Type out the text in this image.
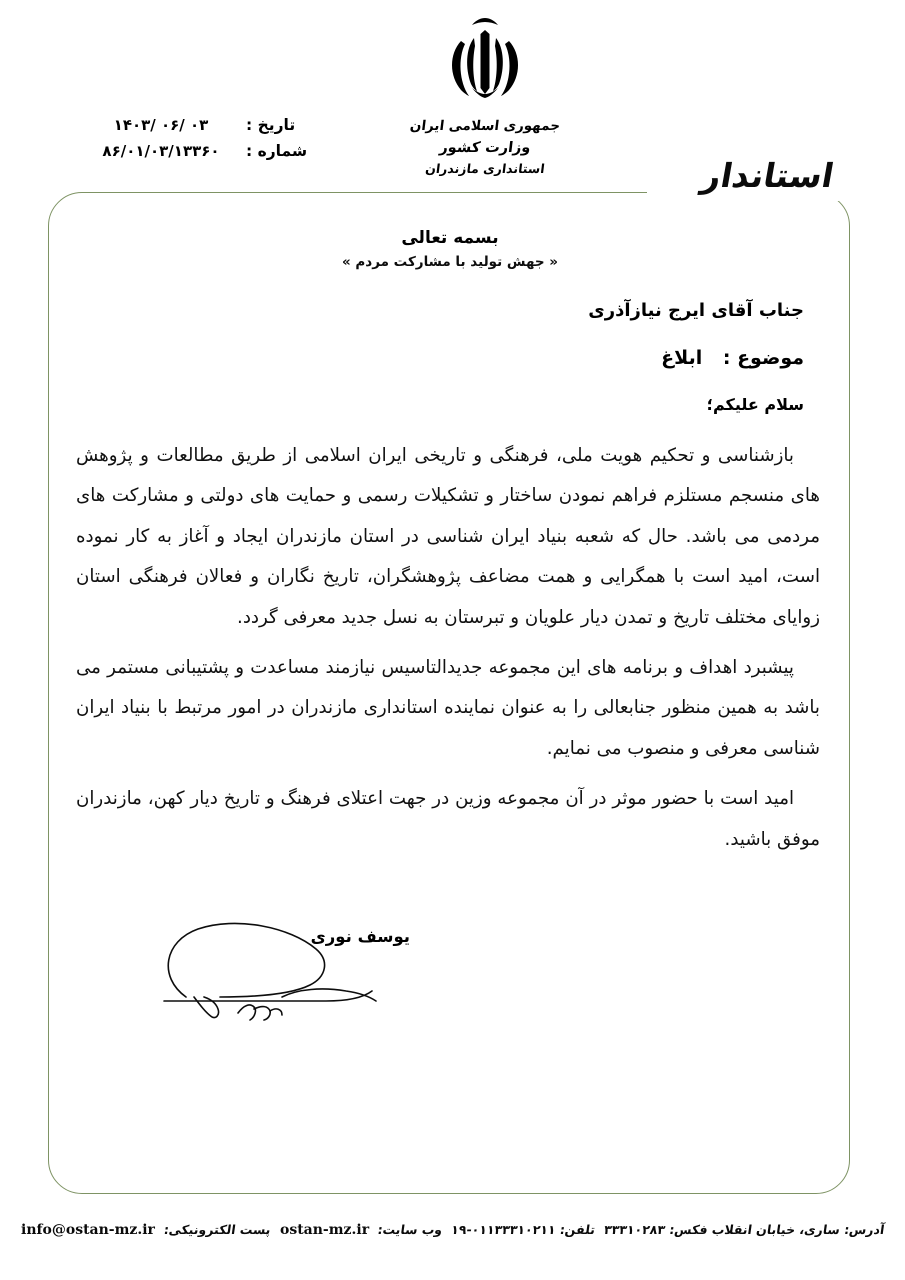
جمهوری اسلامی ایران
وزارت کشور
استانداری مازندران
تاریخ :
۱۴۰۳/ ۰۶/ ۰۳
شماره :
۸۶/۰۱/۰۳/۱۳۳۶۰
استاندار
بسمه تعالی
« جهش تولید با مشارکت مردم »
جناب آقای ایرج نیازآذری
موضوع : ابلاغ
سلام علیکم؛

بازشناسی و تحکیم هویت ملی، فرهنگی و تاریخی ایران اسلامی از طریق مطالعات و پژوهش های منسجم مستلزم فراهم نمودن ساختار و تشکیلات رسمی و حمایت های دولتی و مشارکت های مردمی می باشد. حال که شعبه بنیاد ایران شناسی در استان مازندران ایجاد و آغاز به کار نموده است، امید است با همگرایی و همت مضاعف پژوهشگران، تاریخ نگاران و فعالان فرهنگی استان زوایای مختلف تاریخ و تمدن دیار علویان و تبرستان به نسل جدید معرفی گردد.

پیشبرد اهداف و برنامه های این مجموعه جدیدالتاسیس نیازمند مساعدت و پشتیبانی مستمر می باشد به همین منظور جنابعالی را به عنوان نماینده استانداری مازندران در امور مرتبط با بنیاد ایران شناسی معرفی و منصوب می نمایم.

امید است با حضور موثر در آن مجموعه وزین در جهت اعتلای فرهنگ و تاریخ دیار کهن، مازندران موفق باشید.

یوسف نوری
آدرس: ساری، خیابان انقلاب فکس: ۳۳۳۱۰۲۸۳
تلفن: ۰۱۱۳۳۳۱۰۲۱۱-۱۹
وب سایت:
ostan-mz.ir
پست الکترونیکی:
info@ostan-mz.ir
